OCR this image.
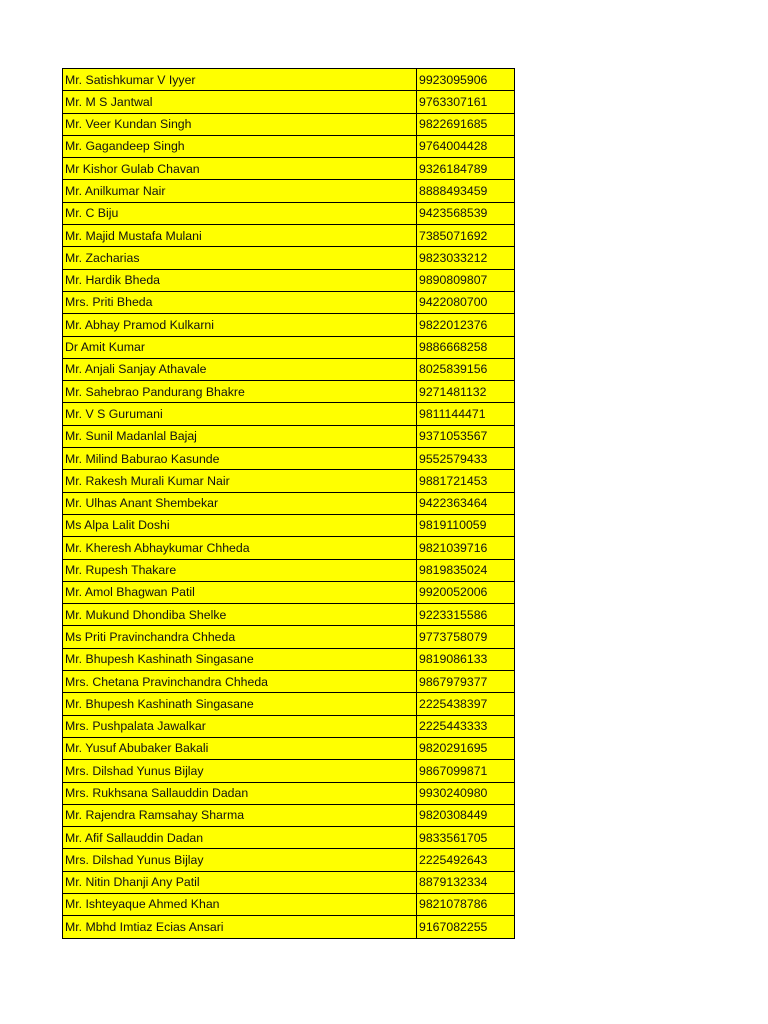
Mr. Satishkumar V Iyyer	9923095906
Mr. M S Jantwal	9763307161
Mr. Veer Kundan Singh	9822691685
Mr. Gagandeep Singh	9764004428
Mr Kishor Gulab Chavan	9326184789
Mr. Anilkumar Nair	8888493459
Mr. C Biju	9423568539
Mr. Majid Mustafa Mulani	7385071692
Mr. Zacharias	9823033212
Mr. Hardik Bheda	9890809807
Mrs. Priti Bheda	9422080700
Mr. Abhay Pramod Kulkarni	9822012376
Dr Amit Kumar	9886668258
Mr. Anjali Sanjay Athavale	8025839156
Mr. Sahebrao Pandurang Bhakre	9271481132
Mr. V S Gurumani	9811144471
Mr. Sunil Madanlal Bajaj	9371053567
Mr. Milind Baburao Kasunde	9552579433
Mr. Rakesh Murali Kumar Nair	9881721453
Mr. Ulhas Anant Shembekar	9422363464
Ms Alpa Lalit Doshi	9819110059
Mr. Kheresh Abhaykumar Chheda	9821039716
Mr. Rupesh Thakare	9819835024
Mr. Amol Bhagwan Patil	9920052006
Mr. Mukund Dhondiba Shelke	9223315586
Ms Priti Pravinchandra Chheda	9773758079
Mr. Bhupesh Kashinath Singasane	9819086133
Mrs. Chetana Pravinchandra Chheda	9867979377
Mr. Bhupesh Kashinath Singasane	2225438397
Mrs. Pushpalata Jawalkar	2225443333
Mr. Yusuf Abubaker Bakali	9820291695
Mrs. Dilshad Yunus Bijlay	9867099871
Mrs. Rukhsana Sallauddin Dadan	9930240980
Mr. Rajendra Ramsahay Sharma	9820308449
Mr. Afif Sallauddin Dadan	9833561705
Mrs. Dilshad Yunus Bijlay	2225492643
Mr. Nitin Dhanji Any Patil	8879132334
Mr. Ishteyaque Ahmed Khan	9821078786
Mr. Mbhd Imtiaz Ecias Ansari	9167082255
